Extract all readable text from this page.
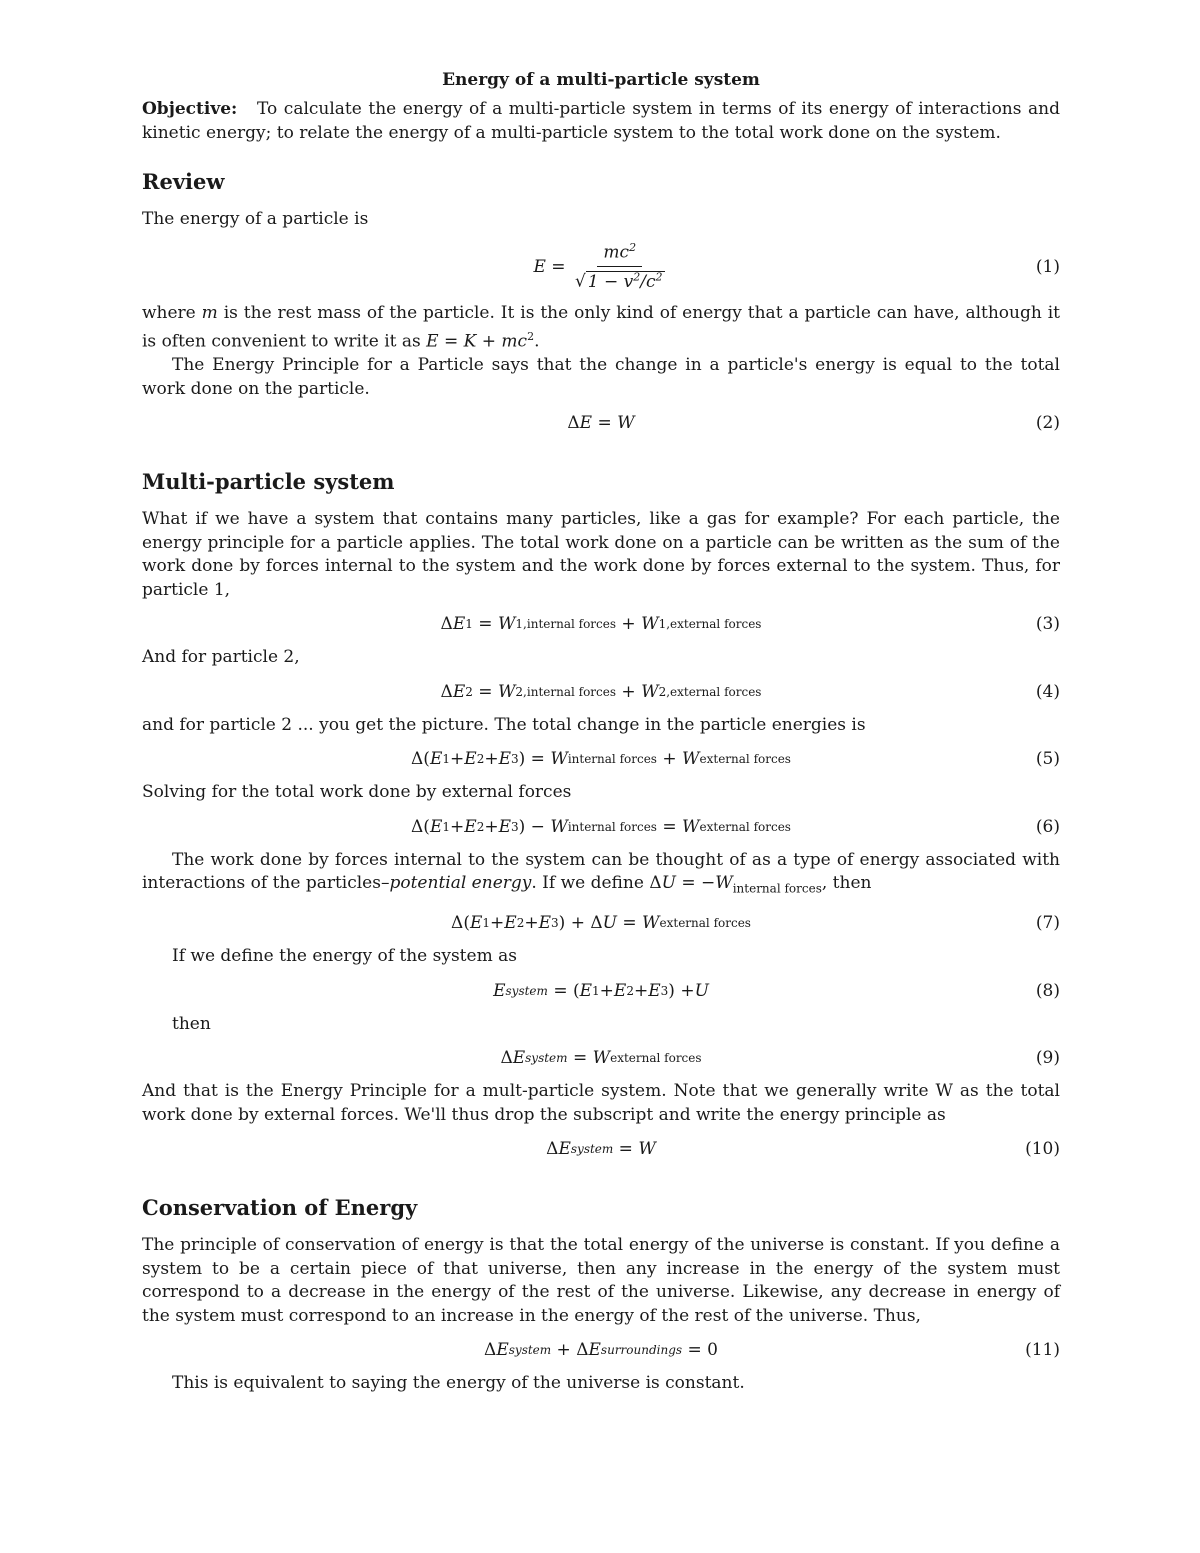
Energy of a multi-particle system

Objective: To calculate the energy of a multi-particle system in terms of its energy of interactions and kinetic energy; to relate the energy of a multi-particle system to the total work done on the system.

Review

The energy of a particle is

$E = \frac{mc^2}{√ 1 - v^2/c^2}$	(1)

where m is the rest mass of the particle. It is the only kind of energy that a particle can have, although it is often convenient to write it as $E = K + mc^2$.

The Energy Principle for a Particle says that the change in a particle's energy is equal to the total work done on the particle.

Δ E = W	(2)
Multi-particle system

What if we have a system that contains many particles, like a gas for example? For each particle, the energy principle for a particle applies. The total work done on a particle can be written as the sum of the work done by forces internal to the system and the work done by forces external to the system. Thus, for particle 1,

Δ E 1 = W 1,internal forces + W 1,external forces	(3)

And for particle 2,

Δ E 2 = W 2,internal forces + W 2,external forces	(4)

and for particle 2 ... you get the picture. The total change in the particle energies is

Δ( E 1 + E 2 + E 3 ) = W internal forces + W external forces	(5)

Solving for the total work done by external forces

Δ( E 1 + E 2 + E 3 ) − W internal forces = W external forces	(6)

The work done by forces internal to the system can be thought of as a type of energy associated with interactions of the particles–potential energy. If we define $\Delta U = -W_{internal forces}$, then

Δ( E 1 + E 2 + E 3 ) + Δ U = W external forces	(7)

If we define the energy of the system as

E system = ( E 1 + E 2 + E 3 ) + U	(8)

then

Δ E system = W external forces	(9)

And that is the Energy Principle for a mult-particle system. Note that we generally write W as the total work done by external forces. We'll thus drop the subscript and write the energy principle as

Δ E system = W	(10)
Conservation of Energy

The principle of conservation of energy is that the total energy of the universe is constant. If you define a system to be a certain piece of that universe, then any increase in the energy of the system must correspond to a decrease in the energy of the rest of the universe. Likewise, any decrease in energy of the system must correspond to an increase in the energy of the rest of the universe. Thus,

Δ E system + Δ E surroundings = 0	(11)

This is equivalent to saying the energy of the universe is constant.
